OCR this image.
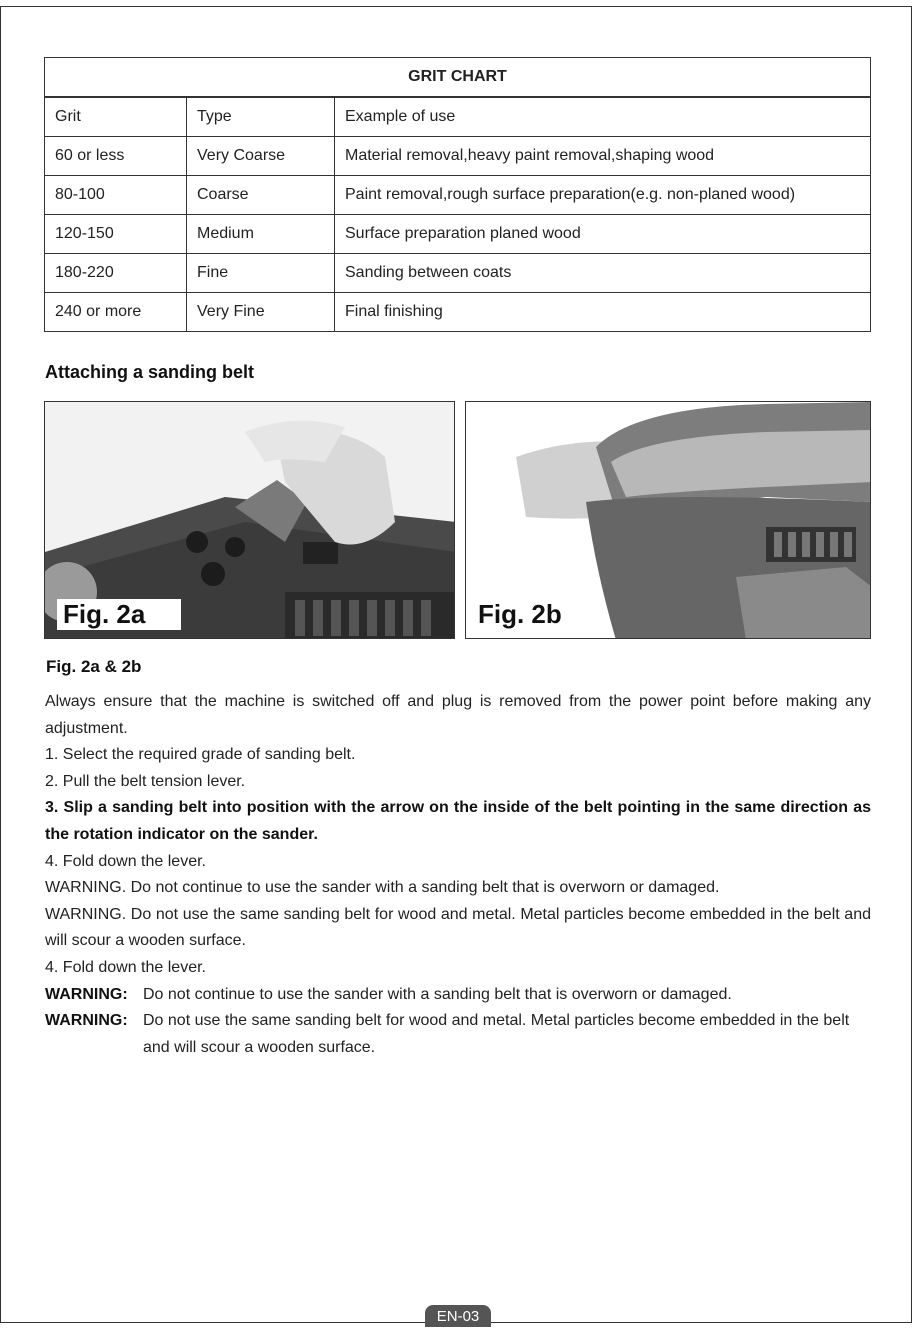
GRIT CHART		
Grit	Type	Example of use
60 or less	Very Coarse	Material removal,heavy paint removal,shaping wood
80-100	Coarse	Paint removal,rough surface preparation(e.g. non-planed wood)
120-150	Medium	Surface preparation planed wood
180-220	Fine	Sanding between coats
240 or more	Very Fine	Final finishing
Attaching a sanding belt
Fig. 2a	Fig. 2b
Fig. 2a & 2b

Always ensure that the machine is switched off and plug is removed from the power point before making any adjustment.

1. Select the required grade of sanding belt.

2. Pull the belt tension lever.

3. Slip a sanding belt into position with the arrow on the inside of the belt pointing in the same direction as the rotation indicator on the sander.

4. Fold down the lever.

WARNING. Do not continue to use the sander with a sanding belt that is overworn or damaged.

WARNING. Do not use the same sanding belt for wood and metal. Metal particles become embedded in the belt and will scour a wooden surface.

4. Fold down the lever.

WARNING: Do not continue to use the sander with a sanding belt that is overworn or damaged.
WARNING: Do not use the same sanding belt for wood and metal. Metal particles become embedded in the belt and will scour a wooden surface.
EN-03
